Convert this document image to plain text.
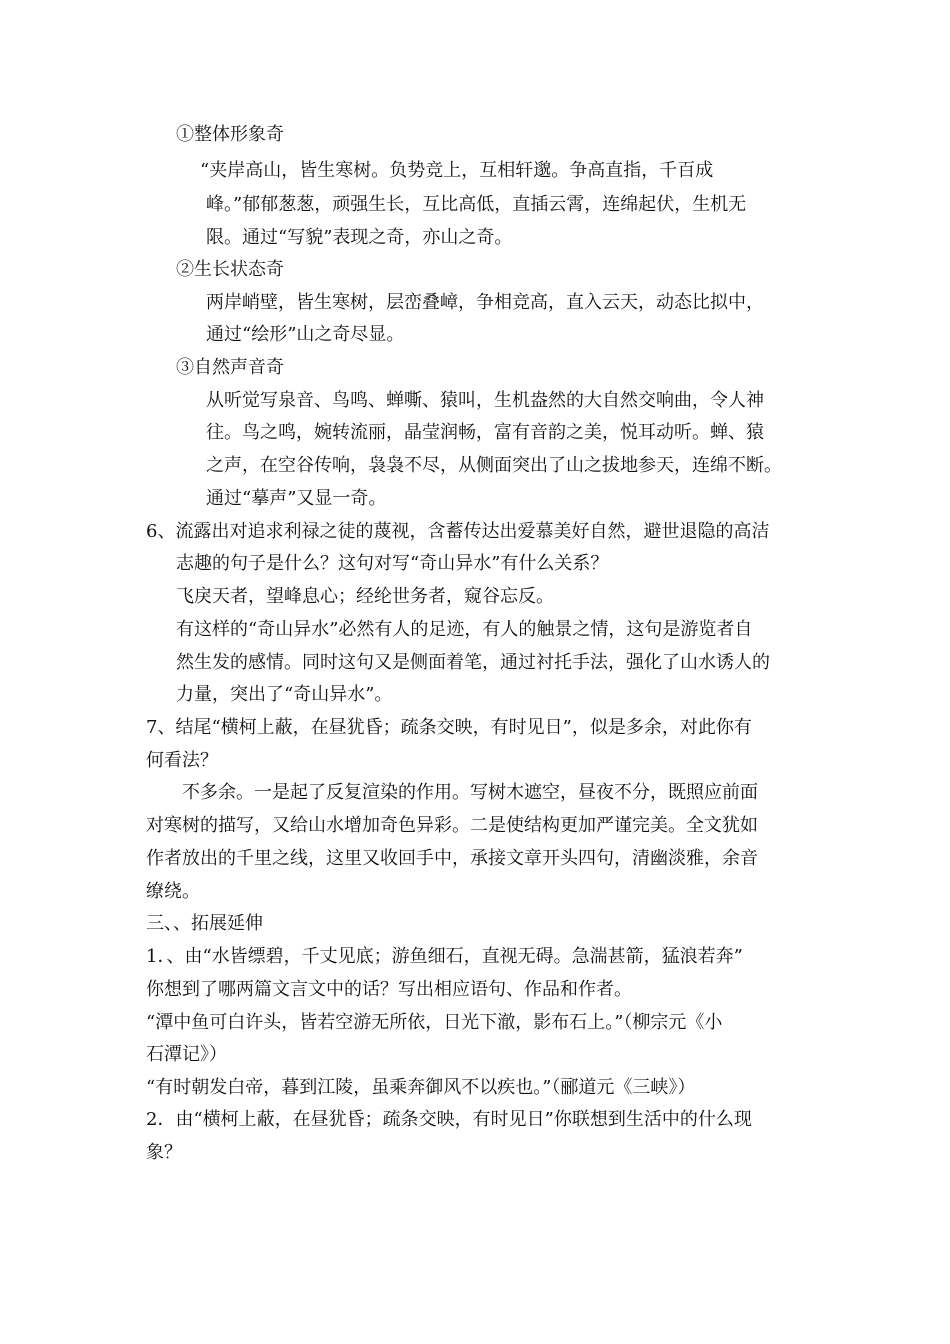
①整体形象奇

“夹岸高山，皆生寒树。负势竞上，互相轩邈。争高直指，千百成

峰。”郁郁葱葱，顽强生长，互比高低，直插云霄，连绵起伏，生机无

限。通过“写貌”表现之奇，亦山之奇。

②生长状态奇

两岸峭壁，皆生寒树，层峦叠嶂，争相竞高，直入云天，动态比拟中，

通过“绘形”山之奇尽显。

③自然声音奇

从听觉写泉音、鸟鸣、蝉嘶、猿叫，生机盎然的大自然交响曲，令人神

往。鸟之鸣，婉转流丽，晶莹润畅，富有音韵之美，悦耳动听。蝉、猿

之声，在空谷传响，袅袅不尽，从侧面突出了山之拔地参天，连绵不断。

通过“摹声”又显一奇。

6、流露出对追求利禄之徒的蔑视，含蓄传达出爱慕美好自然，避世退隐的高洁

志趣的句子是什么？这句对写“奇山异水”有什么关系？

飞戾天者，望峰息心；经纶世务者，窥谷忘反。

有这样的“奇山异水”必然有人的足迹，有人的触景之情，这句是游览者自

然生发的感情。同时这句又是侧面着笔，通过衬托手法，强化了山水诱人的

力量，突出了“奇山异水”。

7、结尾“横柯上蔽，在昼犹昏；疏条交映，有时见日”，似是多余，对此你有

何看法？

不多余。一是起了反复渲染的作用。写树木遮空，昼夜不分，既照应前面

对寒树的描写，又给山水增加奇色异彩。二是使结构更加严谨完美。全文犹如

作者放出的千里之线，这里又收回手中，承接文章开头四句，清幽淡雅，余音

缭绕。

三、、拓展延伸

1．、由“水皆缥碧，千丈见底；游鱼细石，直视无碍。急湍甚箭，猛浪若奔”

你想到了哪两篇文言文中的话？写出相应语句、作品和作者。

“潭中鱼可白许头，皆若空游无所依，日光下澈，影布石上。”（柳宗元《小

石潭记》）

“有时朝发白帝，暮到江陵，虽乘奔御风不以疾也。”（郦道元《三峡》）

2．由“横柯上蔽，在昼犹昏；疏条交映，有时见日”你联想到生活中的什么现

象？
